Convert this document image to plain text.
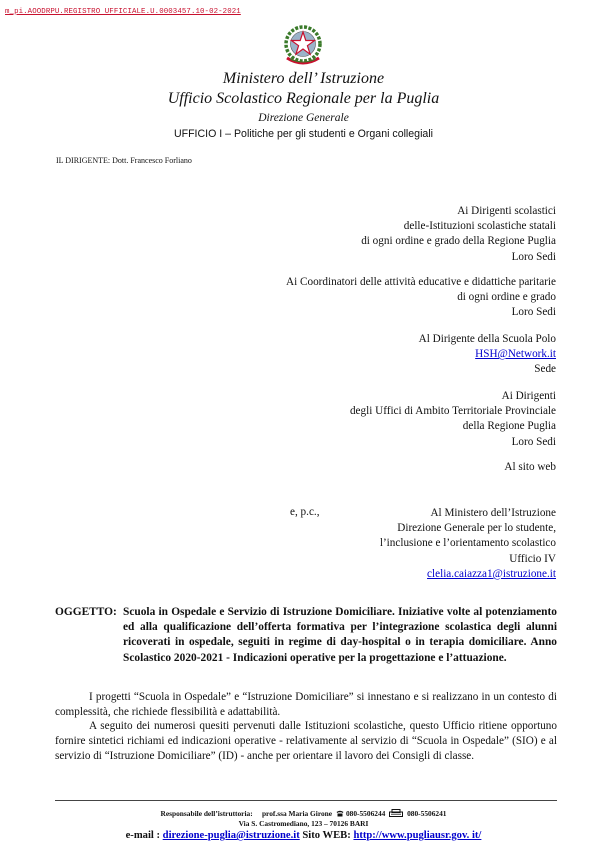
m_pi.AOODRPU.REGISTRO UFFICIALE.U.0003457.10-02-2021
Ministero dell’ Istruzione
Ufficio Scolastico Regionale per la Puglia
Direzione Generale
UFFICIO I – Politiche per gli studenti e Organi collegiali
IL DIRIGENTE: Dott. Francesco Forliano
Ai Dirigenti scolastici
delle-Istituzioni scolastiche statali
di ogni ordine e grado della Regione Puglia
Loro Sedi
Ai Coordinatori delle attività educative e didattiche paritarie
di ogni ordine e grado
Loro Sedi
Al Dirigente della Scuola Polo
HSH@Network.it
Sede
Ai Dirigenti
degli Uffici di Ambito Territoriale Provinciale
della Regione Puglia
Loro Sedi
Al sito web
e, p.c.,	Al Ministero dell’Istruzione
Direzione Generale per lo studente,
l’inclusione e l’orientamento scolastico
Ufficio IV
clelia.caiazza1@istruzione.it
OGGETTO: Scuola in Ospedale e Servizio di Istruzione Domiciliare. Iniziative volte al potenziamento ed alla qualificazione dell’offerta formativa per l’integrazione scolastica degli alunni ricoverati in ospedale, seguiti in regime di day-hospital o in terapia domiciliare. Anno Scolastico 2020-2021 - Indicazioni operative per la progettazione e l’attuazione.
I progetti “Scuola in Ospedale” e “Istruzione Domiciliare” si innestano e si realizzano in un contesto di complessità, che richiede flessibilità e adattabilità.
A seguito dei numerosi quesiti pervenuti dalle Istituzioni scolastiche, questo Ufficio ritiene opportuno fornire sintetici richiami ed indicazioni operative - relativamente al servizio di “Scuola in Ospedale” (SIO) e al servizio di “Istruzione Domiciliare” (ID) - anche per orientare il lavoro dei Consigli di classe.
Responsabile dell’istruttoria: prof.ssa Maria Girone 080-5506244	080-5506241
Via S. Castromediano, 123 – 70126 BARI
e-mail : direzione-puglia@istruzione.it Sito WEB: http://www.pugliausr.gov. it/
